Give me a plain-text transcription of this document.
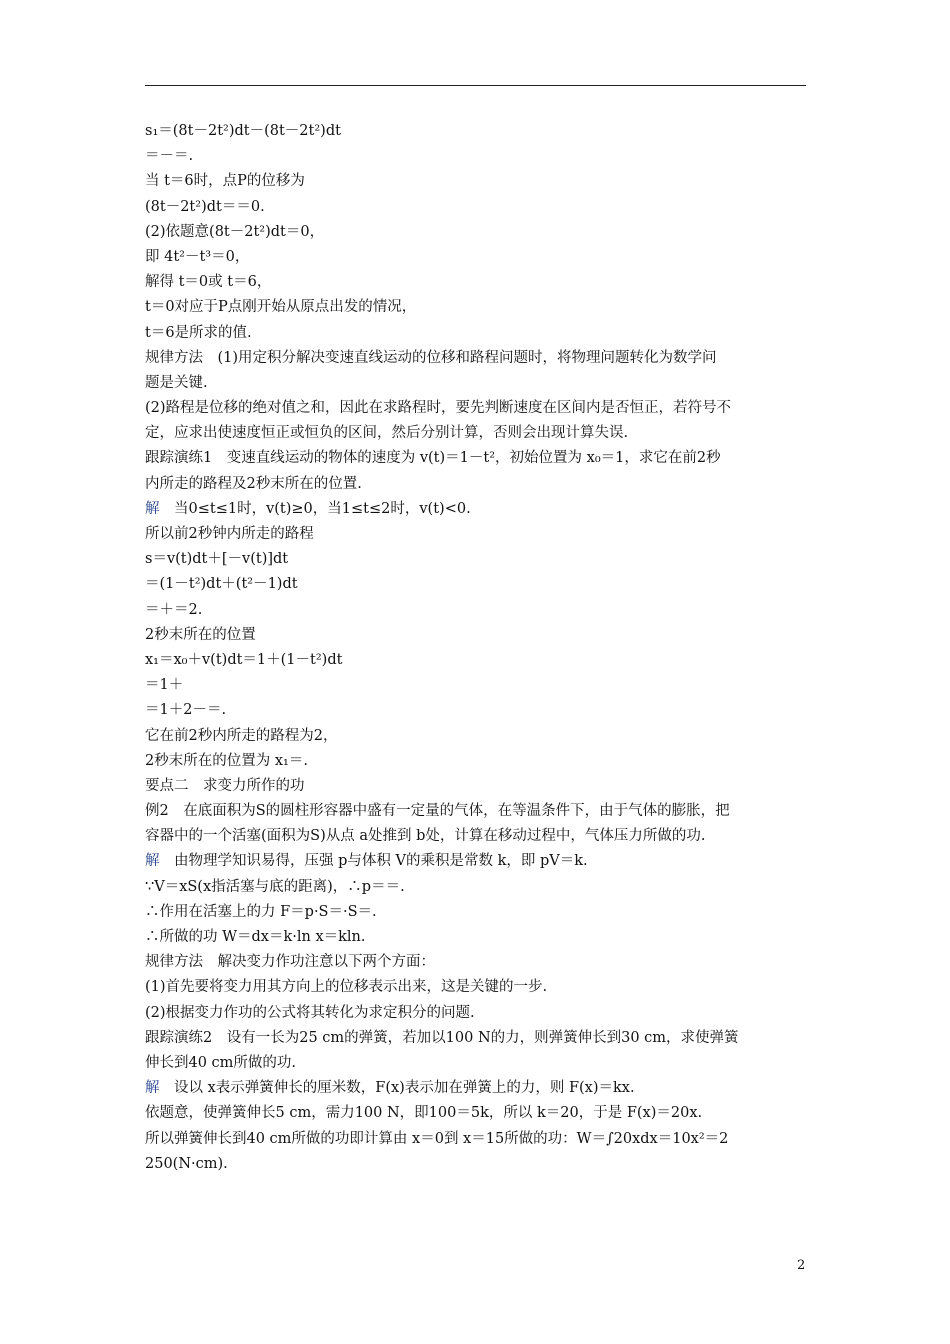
s₁＝(8t－2t²)dt－(8t－2t²)dt
＝－＝.
当 t＝6时，点P的位移为
(8t－2t²)dt＝＝0.
(2)依题意(8t－2t²)dt＝0，
即 4t²－t³＝0，
解得 t＝0或 t＝6，
t＝0对应于P点刚开始从原点出发的情况，
t＝6是所求的值.
规律方法　(1)用定积分解决变速直线运动的位移和路程问题时，将物理问题转化为数学问
题是关键.
(2)路程是位移的绝对值之和，因此在求路程时，要先判断速度在区间内是否恒正，若符号不
定，应求出使速度恒正或恒负的区间，然后分别计算，否则会出现计算失误.
跟踪演练1　变速直线运动的物体的速度为 v(t)＝1－t²，初始位置为 x₀＝1，求它在前2秒
内所走的路程及2秒末所在的位置.
解　当0≤t≤1时，v(t)≥0，当1≤t≤2时，v(t)<0.
所以前2秒钟内所走的路程
s＝v(t)dt＋[－v(t)]dt
＝(1－t²)dt＋(t²－1)dt
＝＋＝2.
2秒末所在的位置
x₁＝x₀＋v(t)dt＝1＋(1－t²)dt
＝1＋
＝1＋2－＝.
它在前2秒内所走的路程为2，
2秒末所在的位置为 x₁＝.
要点二　求变力所作的功
例2　在底面积为S的圆柱形容器中盛有一定量的气体，在等温条件下，由于气体的膨胀，把
容器中的一个活塞(面积为S)从点 a处推到 b处，计算在移动过程中，气体压力所做的功.
解　由物理学知识易得，压强 p与体积 V的乘积是常数 k，即 pV＝k.
∵V＝xS(x指活塞与底的距离)，∴p＝＝.
∴作用在活塞上的力 F＝p·S＝·S＝.
∴所做的功 W＝dx＝k·ln x＝kln.
规律方法　解决变力作功注意以下两个方面：
(1)首先要将变力用其方向上的位移表示出来，这是关键的一步.
(2)根据变力作功的公式将其转化为求定积分的问题.
跟踪演练2　设有一长为25 cm的弹簧，若加以100 N的力，则弹簧伸长到30 cm，求使弹簧
伸长到40 cm所做的功.
解　设以 x表示弹簧伸长的厘米数，F(x)表示加在弹簧上的力，则 F(x)＝kx.
依题意，使弹簧伸长5 cm，需力100 N，即100＝5k，所以 k＝20，于是 F(x)＝20x.
所以弹簧伸长到40 cm所做的功即计算由 x＝0到 x＝15所做的功：W＝∫20xdx＝10x²＝2
250(N·cm).
2
